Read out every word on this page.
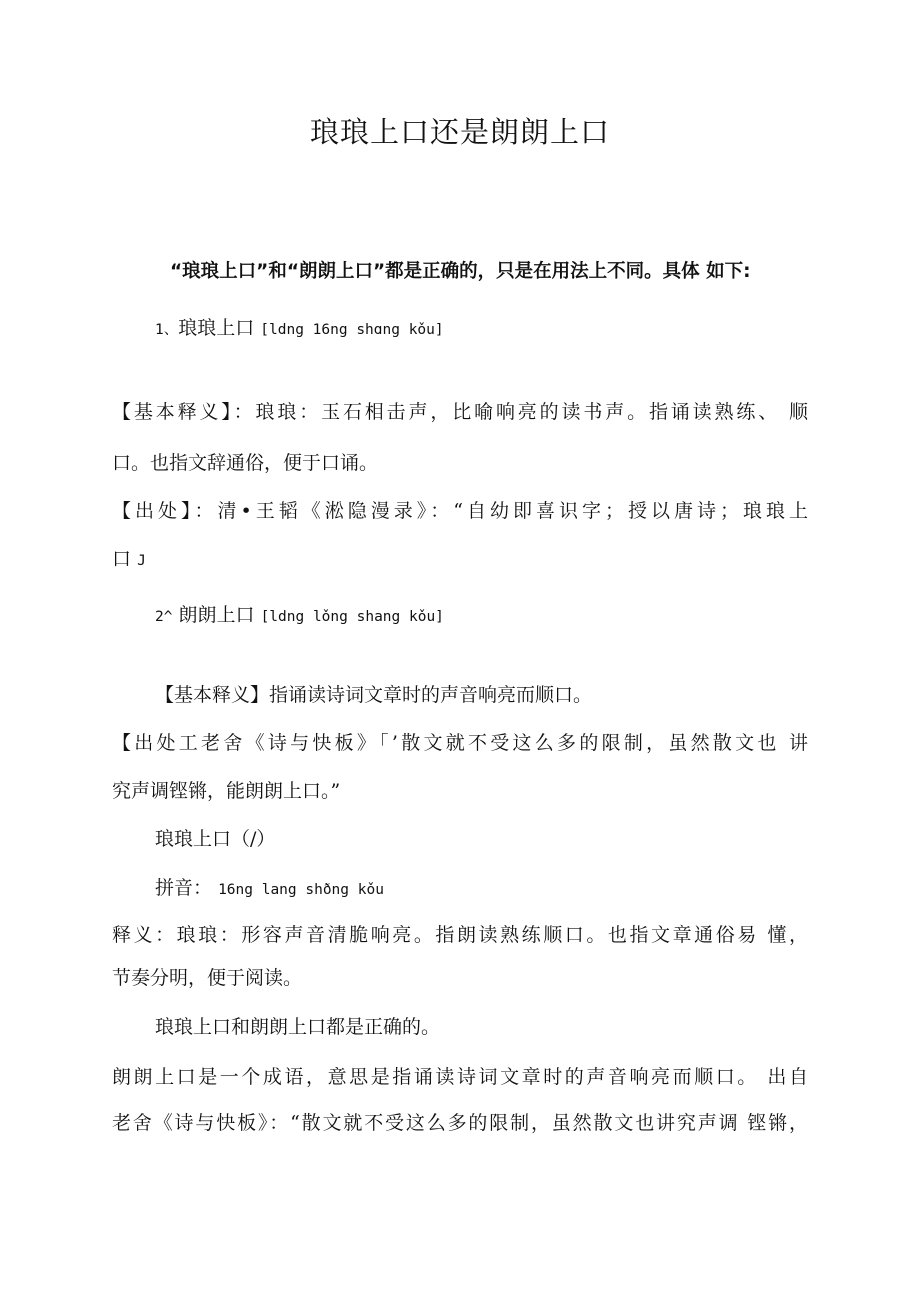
琅琅上口还是朗朗上口
“琅琅上口”和“朗朗上口”都是正确的，只是在用法上不同。具体 如下:
1、琅琅上口 [ldng 16ng shɑng kǒu]
【基本释义】：琅琅：玉石相击声，比喻响亮的读书声。指诵读熟练、 顺
口。也指文辞通俗，便于口诵。
【出处】：清•王韬《淞隐漫录》：“自幼即喜识字；授以唐诗；琅琅上
口 J
2^ 朗朗上口 [ldng lǒng shang kǒu]
【基本释义】指诵读诗词文章时的声音响亮而顺口。
【出处工老舍《诗与快板》「’散文就不受这么多的限制，虽然散文也 讲
究声调铿锵，能朗朗上口。”
琅琅上口（/）
拼音： 16ng lang shðng kǒu
释义：琅琅：形容声音清脆响亮。指朗读熟练顺口。也指文章通俗易 懂，
节奏分明，便于阅读。
琅琅上口和朗朗上口都是正确的。
朗朗上口是一个成语，意思是指诵读诗词文章时的声音响亮而顺口。 出自
老舍《诗与快板》：“散文就不受这么多的限制，虽然散文也讲究声调 铿锵，
